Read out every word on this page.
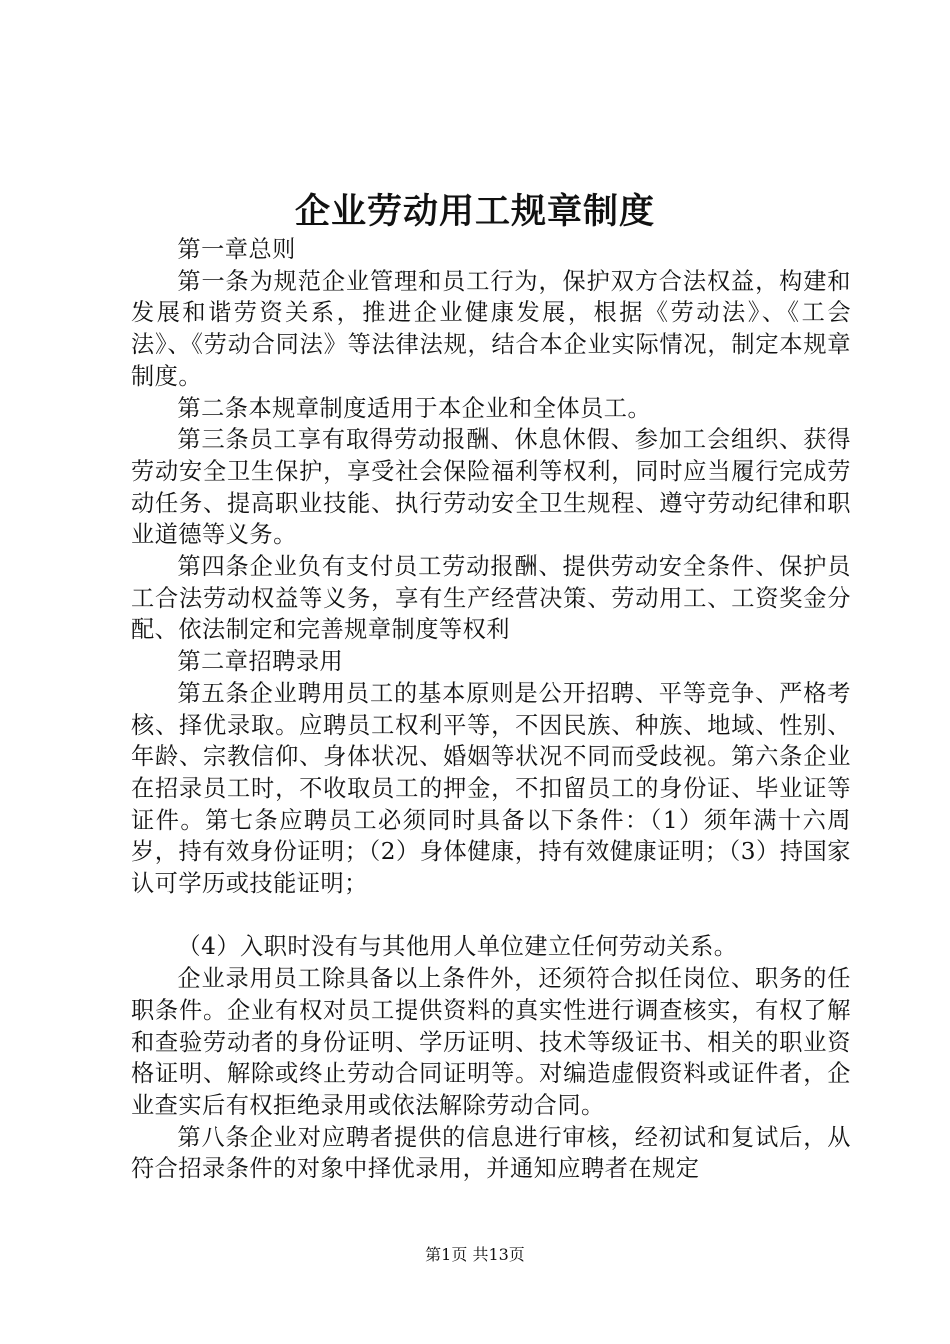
企业劳动用工规章制度

第一章总则

第一条为规范企业管理和员工行为，保护双方合法权益，构建和发展和谐劳资关系，推进企业健康发展，根据《劳动法》、《工会法》、《劳动合同法》等法律法规，结合本企业实际情况，制定本规章制度。

第二条本规章制度适用于本企业和全体员工。

第三条员工享有取得劳动报酬、休息休假、参加工会组织、获得劳动安全卫生保护，享受社会保险福利等权利，同时应当履行完成劳动任务、提高职业技能、执行劳动安全卫生规程、遵守劳动纪律和职业道德等义务。

第四条企业负有支付员工劳动报酬、提供劳动安全条件、保护员工合法劳动权益等义务，享有生产经营决策、劳动用工、工资奖金分配、依法制定和完善规章制度等权利

第二章招聘录用

第五条企业聘用员工的基本原则是公开招聘、平等竞争、严格考核、择优录取。应聘员工权利平等，不因民族、种族、地域、性别、年龄、宗教信仰、身体状况、婚姻等状况不同而受歧视。第六条企业在招录员工时，不收取员工的押金，不扣留员工的身份证、毕业证等证件。第七条应聘员工必须同时具备以下条件：（1）须年满十六周岁，持有效身份证明；（2）身体健康，持有效健康证明；（3）持国家认可学历或技能证明；

（4）入职时没有与其他用人单位建立任何劳动关系。

企业录用员工除具备以上条件外，还须符合拟任岗位、职务的任职条件。企业有权对员工提供资料的真实性进行调查核实，有权了解和查验劳动者的身份证明、学历证明、技术等级证书、相关的职业资格证明、解除或终止劳动合同证明等。对编造虚假资料或证件者，企业查实后有权拒绝录用或依法解除劳动合同。

第八条企业对应聘者提供的信息进行审核，经初试和复试后，从符合招录条件的对象中择优录用，并通知应聘者在规定

第1页 共13页
